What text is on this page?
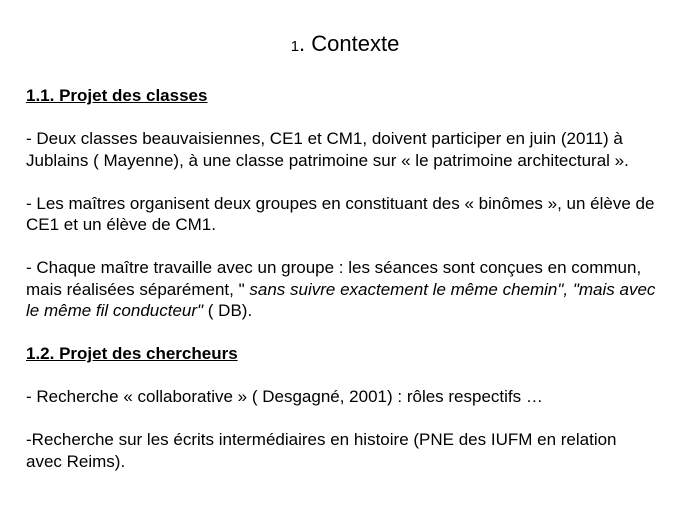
1. Contexte

1.1. Projet des classes

- Deux classes beauvaisiennes, CE1 et CM1, doivent participer en juin (2011) à Jublains ( Mayenne), à une classe patrimoine sur « le patrimoine architectural ».

- Les maîtres organisent deux groupes en constituant des « binômes », un élève de CE1 et un élève de CM1.

- Chaque maître travaille avec un groupe : les séances sont conçues en commun, mais réalisées séparément, " sans suivre exactement le même chemin", "mais avec le même fil conducteur" ( DB).

1.2. Projet des chercheurs

- Recherche « collaborative » ( Desgagné, 2001) : rôles respectifs …

-Recherche sur les écrits intermédiaires en histoire (PNE des IUFM en relation avec Reims).
